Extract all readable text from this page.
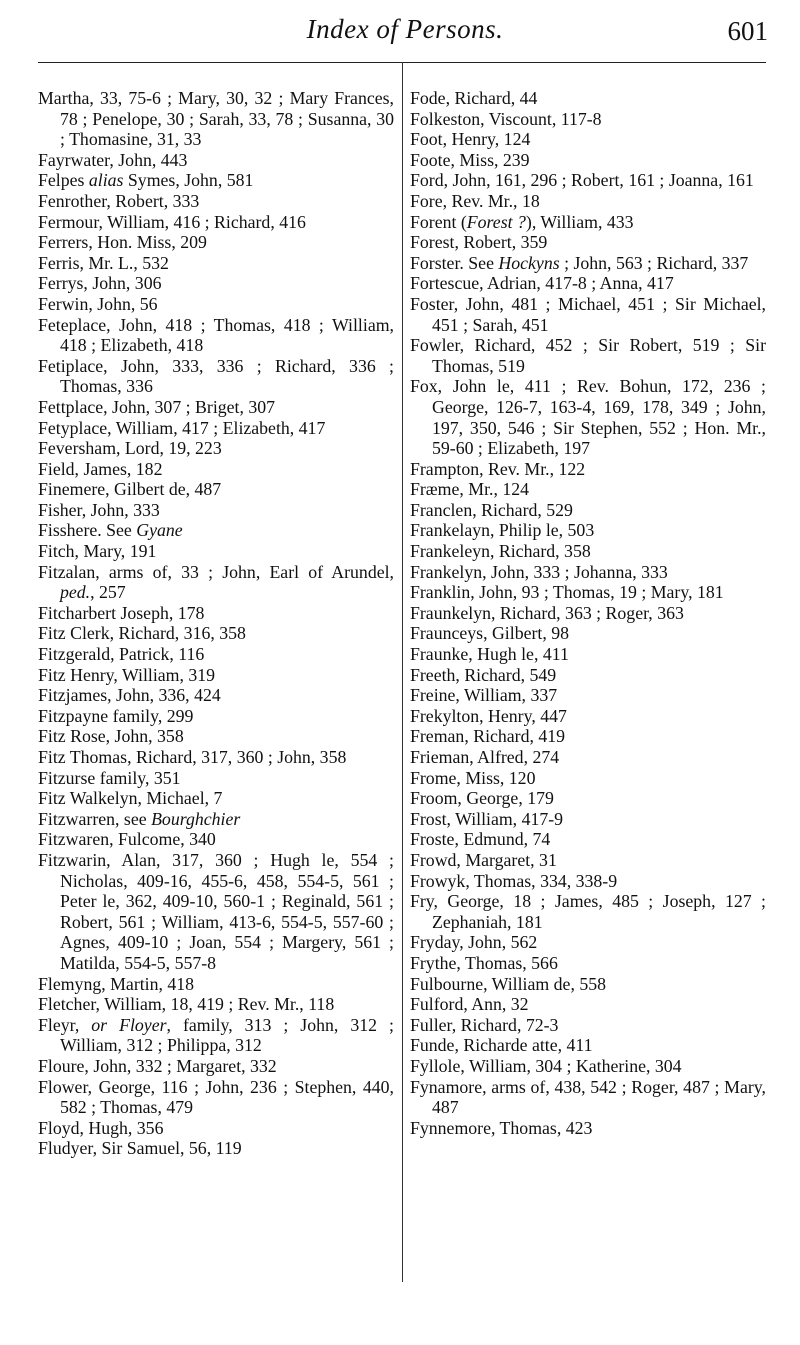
Index of Persons.	601

Martha, 33, 75-6 ; Mary, 30, 32 ; Mary Frances, 78 ; Penelope, 30 ; Sarah, 33, 78 ; Susanna, 30 ; Thomasine, 31, 33

Fayrwater, John, 443

Felpes alias Symes, John, 581

Fenrother, Robert, 333

Fermour, William, 416 ; Richard, 416

Ferrers, Hon. Miss, 209

Ferris, Mr. L., 532

Ferrys, John, 306

Ferwin, John, 56

Feteplace, John, 418 ; Thomas, 418 ; William, 418 ; Elizabeth, 418

Fetiplace, John, 333, 336 ; Richard, 336 ; Thomas, 336

Fettplace, John, 307 ; Briget, 307

Fetyplace, William, 417 ; Elizabeth, 417

Feversham, Lord, 19, 223

Field, James, 182

Finemere, Gilbert de, 487

Fisher, John, 333

Fisshere. See Gyane

Fitch, Mary, 191

Fitzalan, arms of, 33 ; John, Earl of Arundel, ped., 257

Fitcharbert Joseph, 178

Fitz Clerk, Richard, 316, 358

Fitzgerald, Patrick, 116

Fitz Henry, William, 319

Fitzjames, John, 336, 424

Fitzpayne family, 299

Fitz Rose, John, 358

Fitz Thomas, Richard, 317, 360 ; John, 358

Fitzurse family, 351

Fitz Walkelyn, Michael, 7

Fitzwarren, see Bourghchier

Fitzwaren, Fulcome, 340

Fitzwarin, Alan, 317, 360 ; Hugh le, 554 ; Nicholas, 409-16, 455-6, 458, 554-5, 561 ; Peter le, 362, 409-10, 560-1 ; Reginald, 561 ; Robert, 561 ; William, 413-6, 554-5, 557-60 ; Agnes, 409-10 ; Joan, 554 ; Margery, 561 ; Matilda, 554-5, 557-8

Flemyng, Martin, 418

Fletcher, William, 18, 419 ; Rev. Mr., 118

Fleyr, or Floyer, family, 313 ; John, 312 ; William, 312 ; Philippa, 312

Floure, John, 332 ; Margaret, 332

Flower, George, 116 ; John, 236 ; Stephen, 440, 582 ; Thomas, 479

Floyd, Hugh, 356

Fludyer, Sir Samuel, 56, 119

Fode, Richard, 44

Folkeston, Viscount, 117-8

Foot, Henry, 124

Foote, Miss, 239

Ford, John, 161, 296 ; Robert, 161 ; Joanna, 161

Fore, Rev. Mr., 18

Forent (Forest ?), William, 433

Forest, Robert, 359

Forster. See Hockyns ; John, 563 ; Richard, 337

Fortescue, Adrian, 417-8 ; Anna, 417

Foster, John, 481 ; Michael, 451 ; Sir Michael, 451 ; Sarah, 451

Fowler, Richard, 452 ; Sir Robert, 519 ; Sir Thomas, 519

Fox, John le, 411 ; Rev. Bohun, 172, 236 ; George, 126-7, 163-4, 169, 178, 349 ; John, 197, 350, 546 ; Sir Stephen, 552 ; Hon. Mr., 59-60 ; Elizabeth, 197

Frampton, Rev. Mr., 122

Fræme, Mr., 124

Franclen, Richard, 529

Frankelayn, Philip le, 503

Frankeleyn, Richard, 358

Frankelyn, John, 333 ; Johanna, 333

Franklin, John, 93 ; Thomas, 19 ; Mary, 181

Fraunkelyn, Richard, 363 ; Roger, 363

Fraunceys, Gilbert, 98

Fraunke, Hugh le, 411

Freeth, Richard, 549

Freine, William, 337

Frekylton, Henry, 447

Freman, Richard, 419

Frieman, Alfred, 274

Frome, Miss, 120

Froom, George, 179

Frost, William, 417-9

Froste, Edmund, 74

Frowd, Margaret, 31

Frowyk, Thomas, 334, 338-9

Fry, George, 18 ; James, 485 ; Joseph, 127 ; Zephaniah, 181

Fryday, John, 562

Frythe, Thomas, 566

Fulbourne, William de, 558

Fulford, Ann, 32

Fuller, Richard, 72-3

Funde, Richarde atte, 411

Fyllole, William, 304 ; Katherine, 304

Fynamore, arms of, 438, 542 ; Roger, 487 ; Mary, 487

Fynnemore, Thomas, 423
